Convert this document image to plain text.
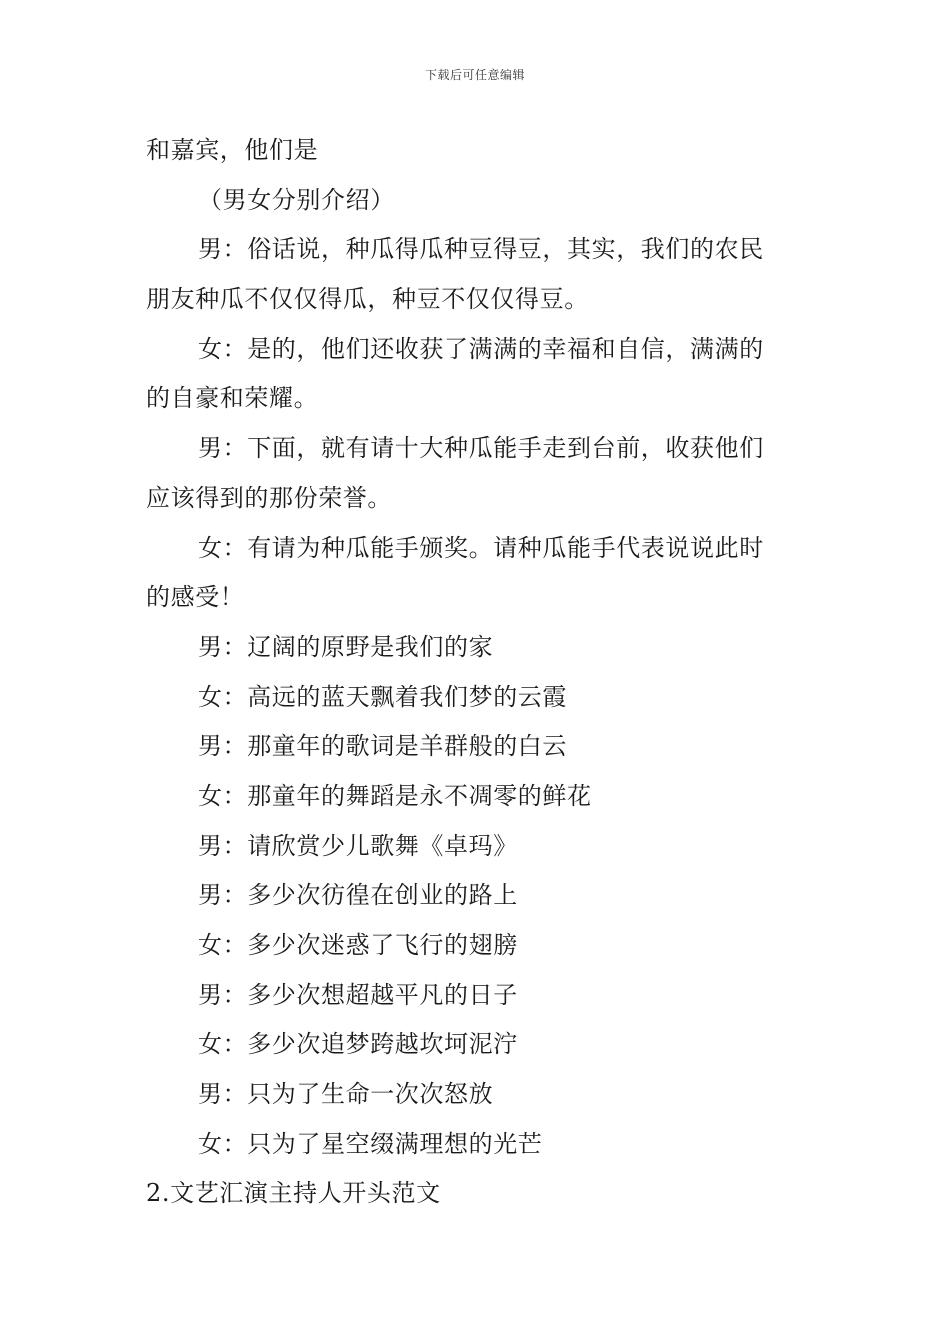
下载后可任意编辑
和嘉宾，他们是
（男女分别介绍）
男：俗话说，种瓜得瓜种豆得豆，其实，我们的农民
朋友种瓜不仅仅得瓜，种豆不仅仅得豆。
女：是的，他们还收获了满满的幸福和自信，满满的
的自豪和荣耀。
男：下面，就有请十大种瓜能手走到台前，收获他们
应该得到的那份荣誉。
女：有请为种瓜能手颁奖。请种瓜能手代表说说此时
的感受！
男：辽阔的原野是我们的家
女：高远的蓝天飘着我们梦的云霞
男：那童年的歌词是羊群般的白云
女：那童年的舞蹈是永不凋零的鲜花
男：请欣赏少儿歌舞《卓玛》
男：多少次彷徨在创业的路上
女：多少次迷惑了飞行的翅膀
男：多少次想超越平凡的日子
女：多少次追梦跨越坎坷泥泞
男：只为了生命一次次怒放
女：只为了星空缀满理想的光芒
2.文艺汇演主持人开头范文
